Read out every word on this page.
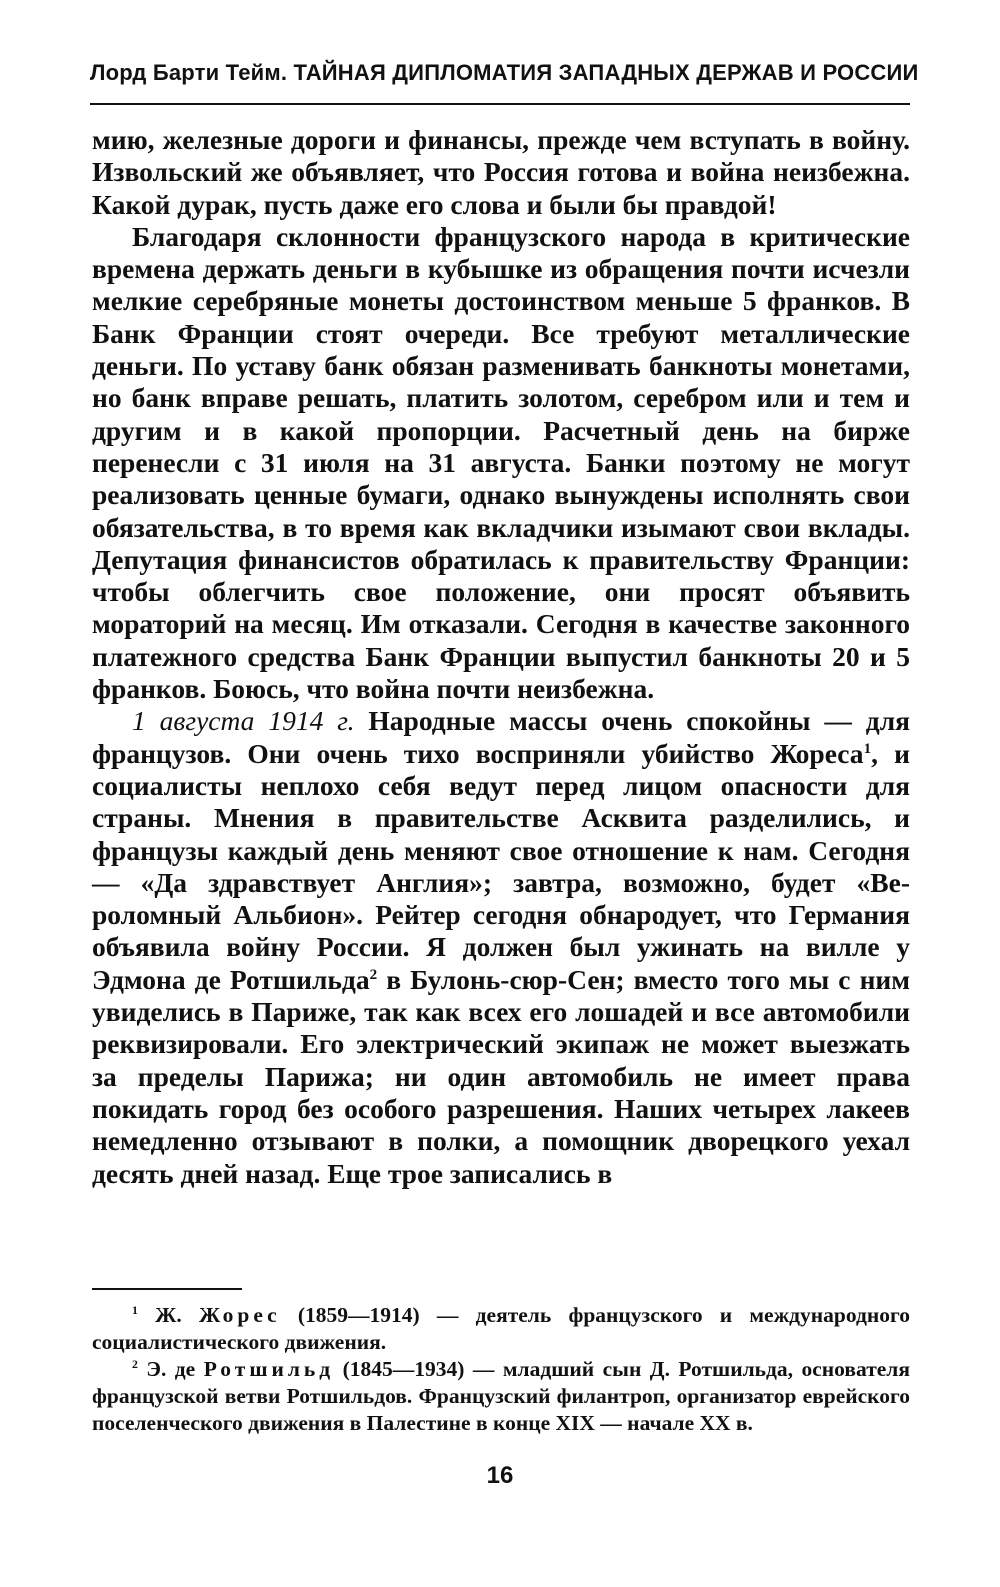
Лорд Барти Тейм. ТАЙНАЯ ДИПЛОМАТИЯ ЗАПАДНЫХ ДЕРЖАВ И РОССИИ

мию, железные дороги и финансы, прежде чем вступать в войну. Извольский же объявляет, что Россия готова и война неизбежна. Какой дурак, пусть даже его слова и были бы правдой!

Благодаря склонности французского народа в критические времена держать деньги в кубышке из обращения почти исчезли мелкие серебряные монеты достоинством меньше 5 франков. В Банк Франции стоят очереди. Все требуют металлические деньги. По уставу банк обязан разменивать банкноты монетами, но банк вправе решать, платить золотом, серебром или и тем и другим и в какой пропорции. Расчетный день на бирже перенесли с 31 июля на 31 августа. Банки поэтому не могут реализовать ценные бумаги, однако вынуждены исполнять свои обязательства, в то время как вкладчики изымают свои вклады. Депутация финансистов обратилась к правительству Франции: чтобы облегчить свое положение, они просят объявить мораторий на месяц. Им отказали. Сегодня в качестве законного платежного средства Банк Франции выпустил банкноты 20 и 5 франков. Боюсь, что война почти неизбежна.

1 августа 1914 г. Народные массы очень спокойны — для французов. Они очень тихо восприняли убийство Жореса$^1$, и социалисты неплохо себя ведут перед лицом опасности для страны. Мнения в правительстве Асквита разделились, и французы каждый день меняют свое отношение к нам. Сегодня — «Да здравствует Англия»; завтра, возможно, будет «Вероломный Альбион». Рейтер сегодня обнародует, что Германия объявила войну России. Я должен был ужинать на вилле у Эдмона де Ротшильда$^2$ в Булонь-сюр-Сен; вместо того мы с ним увиделись в Париже, так как всех его лошадей и все автомобили реквизировали. Его электрический экипаж не может выезжать за пределы Парижа; ни один автомобиль не имеет права покидать город без особого разрешения. Наших четырех лакеев немедленно отзывают в полки, а помощник дворецкого уехал десять дней назад. Еще трое записались в

$^1$ Ж. Жорес (1859—1914) — деятель французского и международного социалистического движения.

$^2$ Э. де Ротшильд (1845—1934) — младший сын Д. Ротшильда, основателя французской ветви Ротшильдов. Французский филантроп, организатор еврейского поселенческого движения в Палестине в конце XIX — начале XX в.

16
